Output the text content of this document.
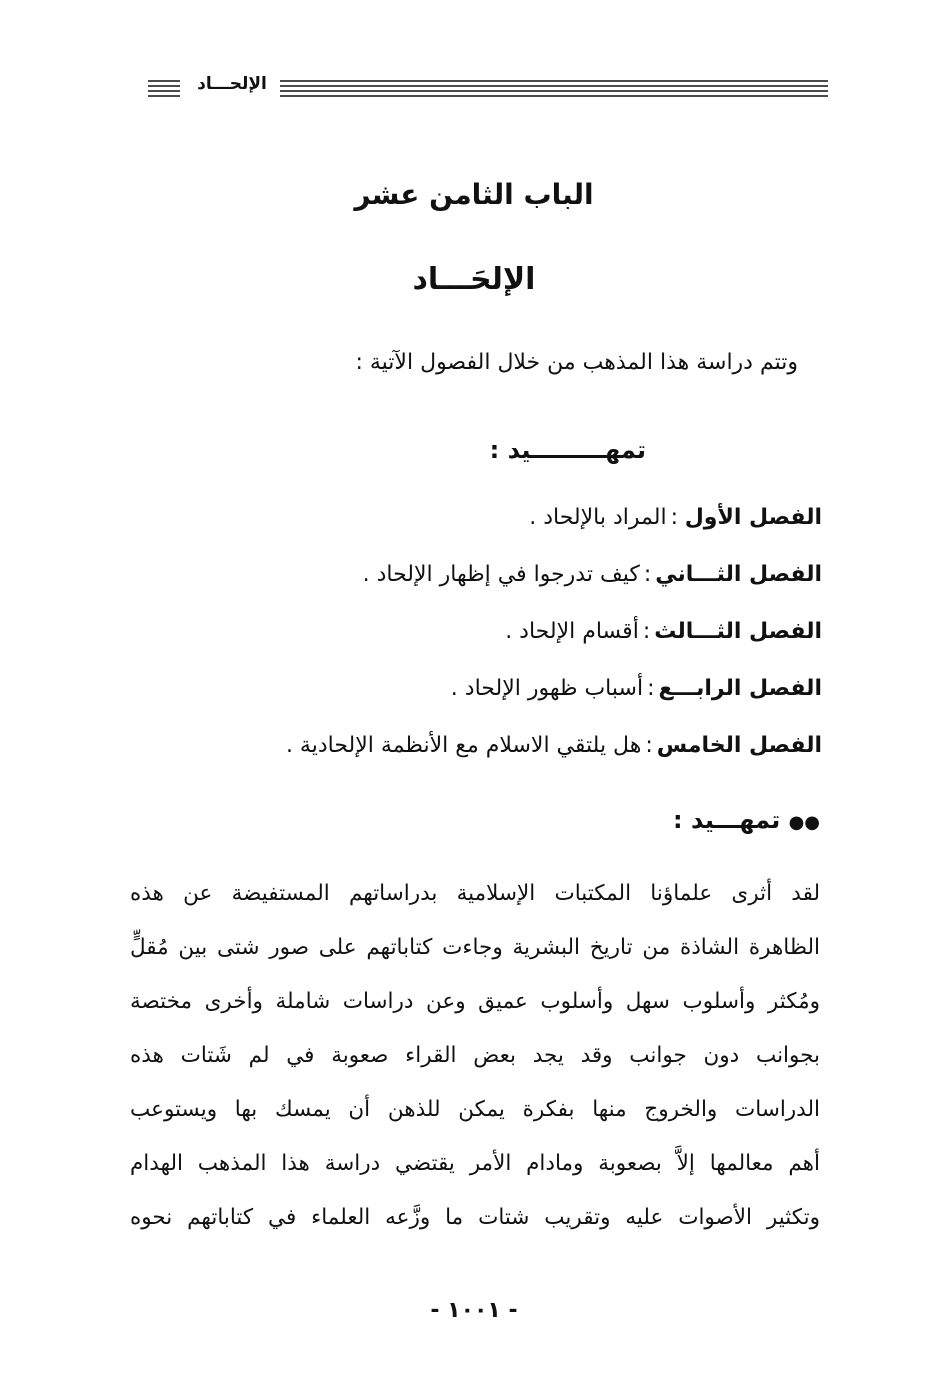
الإلحـــاد
الباب الثامن عشر
الإلحَـــاد

وتتم دراسة هذا المذهب من خلال الفصول الآتية :

تمهـــــــــيد :
الفصل الأول:المراد بالإلحاد .
الفصل الثـــاني:كيف تدرجوا في إظهار الإلحاد .
الفصل الثـــالث:أقسام الإلحاد .
الفصل الرابـــع:أسباب ظهور الإلحاد .
الفصل الخامس:هل يلتقي الاسلام مع الأنظمة الإلحادية .
●● تمهـــيد :
لقد أثرى علماؤنا المكتبات الإسلامية بدراساتهم المستفيضة عن هذه
الظاهرة الشاذة من تاريخ البشرية وجاءت كتاباتهم على صور شتى بين مُقلٍّ
ومُكثر وأسلوب سهل وأسلوب عميق وعن دراسات شاملة وأخرى مختصة
بجوانب دون جوانب وقد يجد بعض القراء صعوبة في لم شَتات هذه
الدراسات والخروج منها بفكرة يمكن للذهن أن يمسك بها ويستوعب
أهم معالمها إلاَّ بصعوبة ومادام الأمر يقتضي دراسة هذا المذهب الهدام
وتكثير الأصوات عليه وتقريب شتات ما وزَّعه العلماء في كتاباتهم نحوه
- ١٠٠١ -
